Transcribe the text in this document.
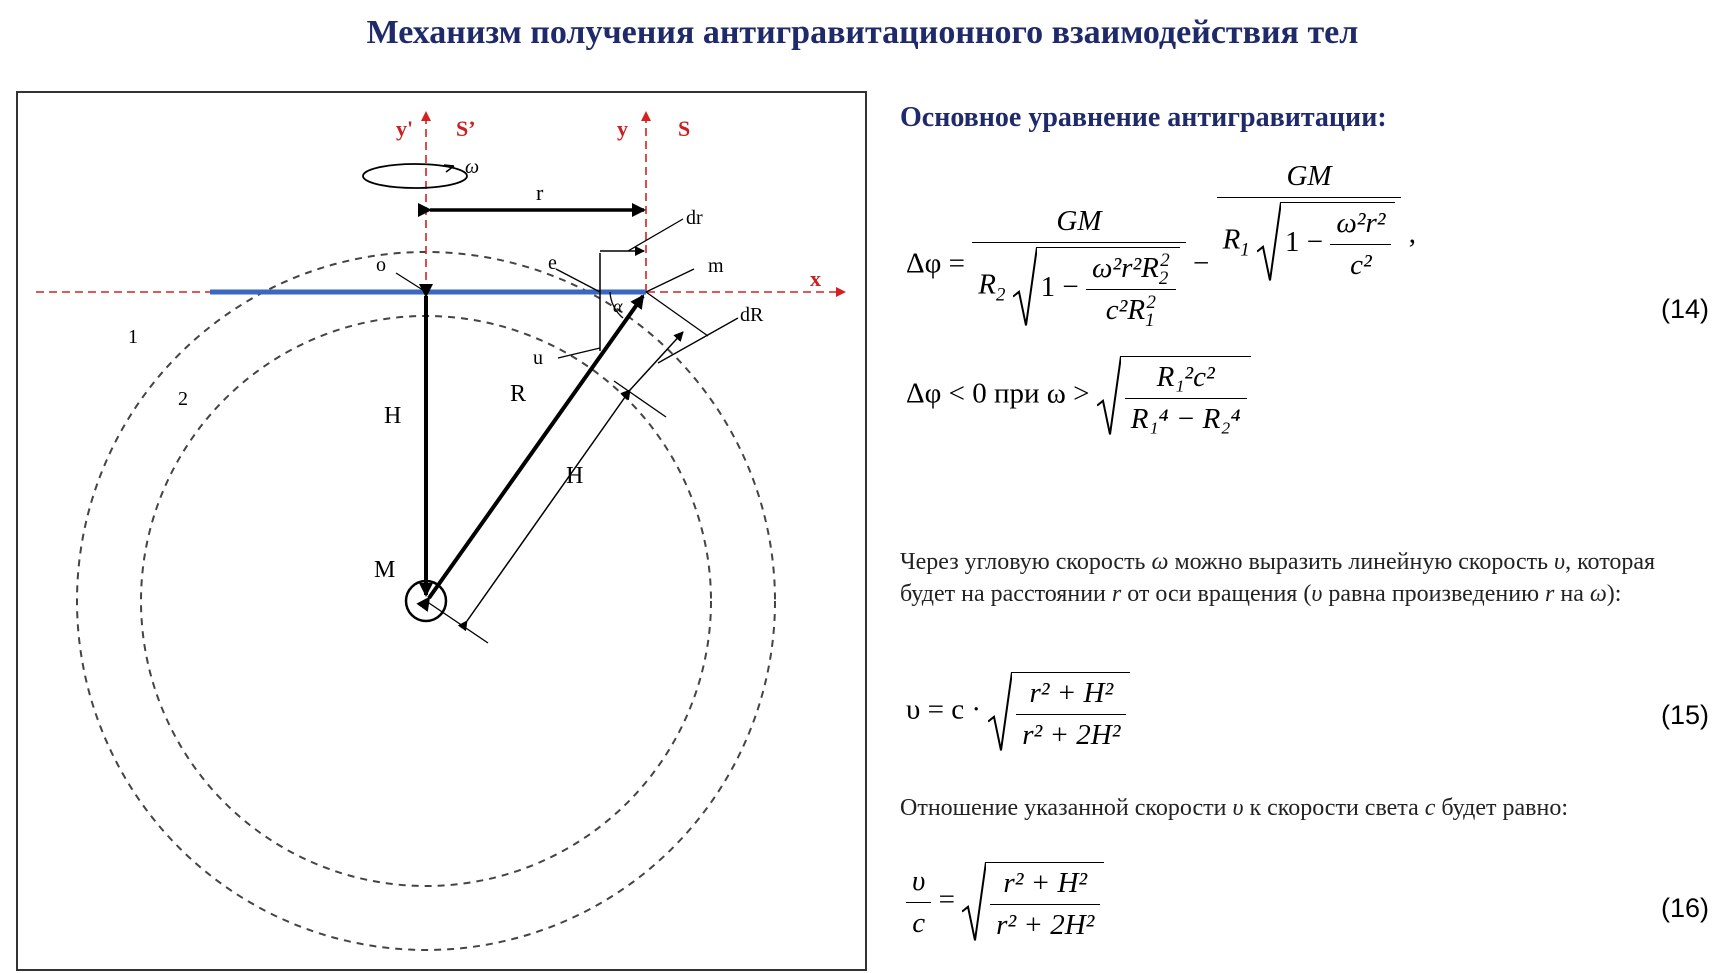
Механизм получения антигравитационного взаимодействия тел
y' S’	y S
x
ω
r
dr
o	e	m
α	dR
u
R
H
H
M
1
2
Основное уравнение антигравитации:
Δφ =
GM
$R_2$ $1 - \frac{\omega^2r^2R_2^2}{c^2R_1^2}$ −
GM
$R_1$ $1 - \frac{\text{ω²r²}}{\text{c²}}$ ,
(14)
Δφ < 0 при $\omega > \frac{\text{R₁²c²}}{\text{R₁⁴ − R₂⁴}}$
Через угловую скорость ω можно выразить линейную скорость υ, которая будет на расстоянии r от оси вращения (υ равна произведению r на ω):
$\upsilon = c \cdot \frac{\text{r² + H²}}{\text{r² + 2H²}}$	(15)
Отношение указанной скорости υ к скорости света c будет равно:
$\frac{\upsilon}{c} = \frac{\text{r² + H²}}{\text{r² + 2H²}}$	(16)
